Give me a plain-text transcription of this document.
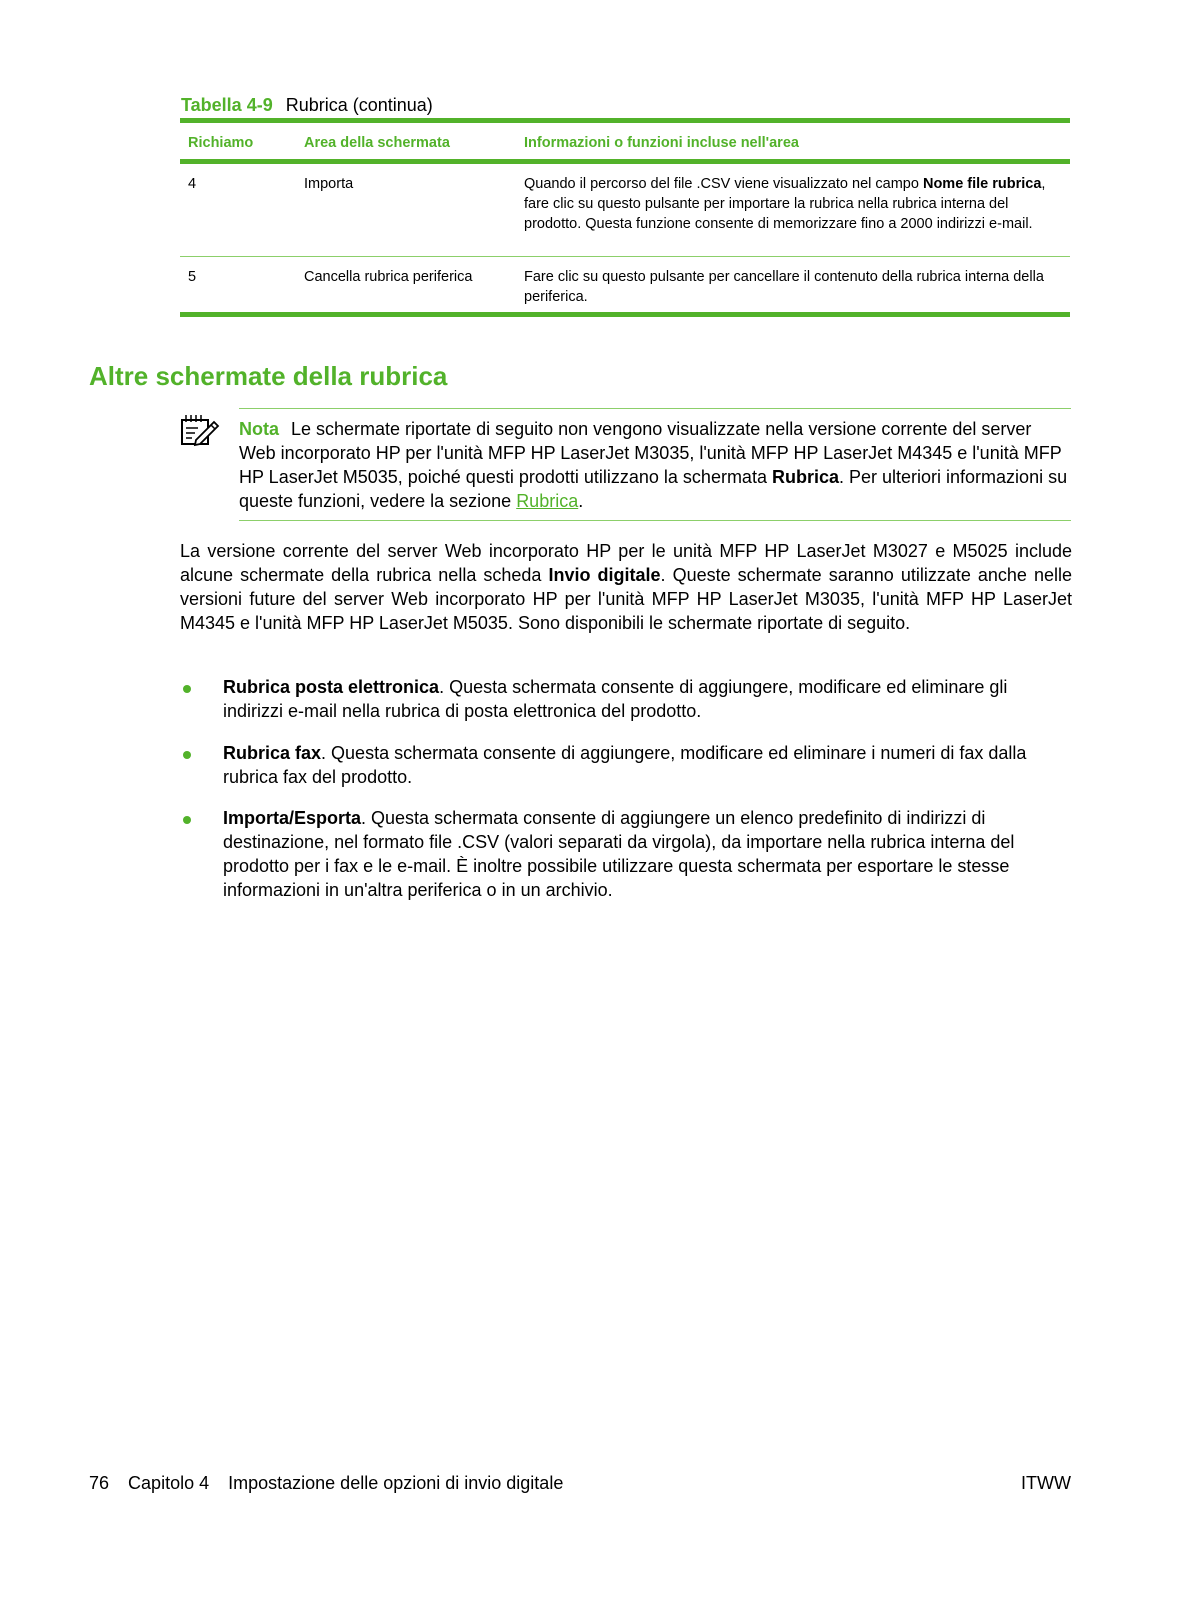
Tabella 4-9 Rubrica (continua)
Richiamo	Area della schermata	Informazioni o funzioni incluse nell'area
4	Importa	Quando il percorso del file .CSV viene visualizzato nel campo Nome file rubrica, fare clic su questo pulsante per importare la rubrica nella rubrica interna del prodotto. Questa funzione consente di memorizzare fino a 2000 indirizzi e-mail.
5	Cancella rubrica periferica	Fare clic su questo pulsante per cancellare il contenuto della rubrica interna della periferica.
Altre schermate della rubrica
Nota Le schermate riportate di seguito non vengono visualizzate nella versione corrente del server Web incorporato HP per l'unità MFP HP LaserJet M3035, l'unità MFP HP LaserJet M4345 e l'unità MFP HP LaserJet M5035, poiché questi prodotti utilizzano la schermata Rubrica. Per ulteriori informazioni su queste funzioni, vedere la sezione Rubrica.
La versione corrente del server Web incorporato HP per le unità MFP HP LaserJet M3027 e M5025 include alcune schermate della rubrica nella scheda Invio digitale. Queste schermate saranno utilizzate anche nelle versioni future del server Web incorporato HP per l'unità MFP HP LaserJet M3035, l'unità MFP HP LaserJet M4345 e l'unità MFP HP LaserJet M5035. Sono disponibili le schermate riportate di seguito.
Rubrica posta elettronica. Questa schermata consente di aggiungere, modificare ed eliminare gli indirizzi e-mail nella rubrica di posta elettronica del prodotto.
Rubrica fax. Questa schermata consente di aggiungere, modificare ed eliminare i numeri di fax dalla rubrica fax del prodotto.
Importa/Esporta. Questa schermata consente di aggiungere un elenco predefinito di indirizzi di destinazione, nel formato file .CSV (valori separati da virgola), da importare nella rubrica interna del prodotto per i fax e le e-mail. È inoltre possibile utilizzare questa schermata per esportare le stesse informazioni in un'altra periferica o in un archivio.
76 Capitolo 4 Impostazione delle opzioni di invio digitale	ITWW
